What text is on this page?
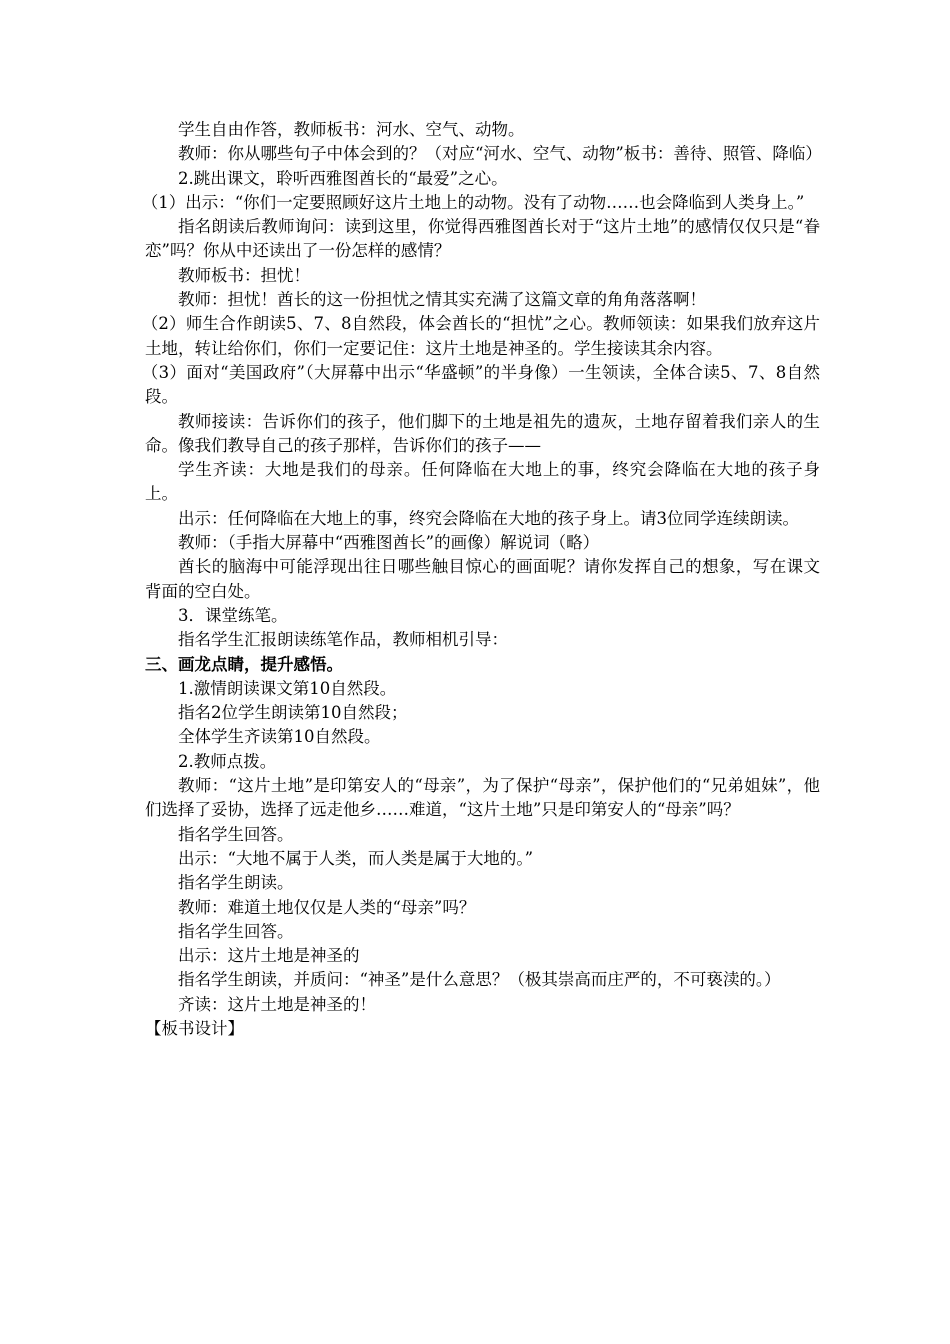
学生自由作答，教师板书：河水、空气、动物。

教师：你从哪些句子中体会到的？（对应“河水、空气、动物”板书：善待、照管、降临）

2.跳出课文，聆听西雅图酋长的“最爱”之心。

（1）出示：“你们一定要照顾好这片土地上的动物。没有了动物……也会降临到人类身上。”

指名朗读后教师询问：读到这里，你觉得西雅图酋长对于“这片土地”的感情仅仅只是“眷恋”吗？你从中还读出了一份怎样的感情？

教师板书：担忧！

教师：担忧！酋长的这一份担忧之情其实充满了这篇文章的角角落落啊！

（2）师生合作朗读5、7、8自然段，体会酋长的“担忧”之心。教师领读：如果我们放弃这片土地，转让给你们，你们一定要记住：这片土地是神圣的。学生接读其余内容。

（3）面对“美国政府”（大屏幕中出示“华盛顿”的半身像）一生领读，全体合读5、7、8自然段。

教师接读：告诉你们的孩子，他们脚下的土地是祖先的遗灰，土地存留着我们亲人的生命。像我们教导自己的孩子那样，告诉你们的孩子——

学生齐读：大地是我们的母亲。任何降临在大地上的事，终究会降临在大地的孩子身上。

出示：任何降临在大地上的事，终究会降临在大地的孩子身上。请3位同学连续朗读。

教师：（手指大屏幕中“西雅图酋长”的画像）解说词（略）

酋长的脑海中可能浮现出往日哪些触目惊心的画面呢？请你发挥自己的想象，写在课文背面的空白处。

3．课堂练笔。

指名学生汇报朗读练笔作品，教师相机引导：

三、画龙点睛，提升感悟。

1.激情朗读课文第10自然段。

指名2位学生朗读第10自然段；

全体学生齐读第10自然段。

2.教师点拨。

教师：“这片土地”是印第安人的“母亲”，为了保护“母亲”，保护他们的“兄弟姐妹”，他们选择了妥协，选择了远走他乡……难道，“这片土地”只是印第安人的“母亲”吗？

指名学生回答。

出示：“大地不属于人类，而人类是属于大地的。”

指名学生朗读。

教师：难道土地仅仅是人类的“母亲”吗？

指名学生回答。

出示：这片土地是神圣的

指名学生朗读，并质问：“神圣”是什么意思？（极其崇高而庄严的，不可亵渎的。）

齐读：这片土地是神圣的！

【板书设计】
